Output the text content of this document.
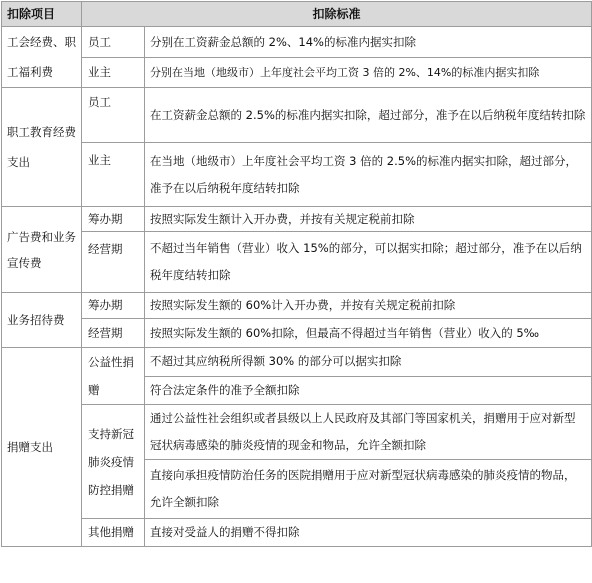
扣除项目	扣除标准	
工会经费、职工福利费	员工	分别在工资薪金总额的 2%、14%的标准内据实扣除
	业主	分别在当地（地级市）上年度社会平均工资 3 倍的 2%、14%的标准内据实扣除
职工教育经费支出	员工	在工资薪金总额的 2.5%的标准内据实扣除，超过部分，准予在以后纳税年度结转扣除
	业主	在当地（地级市）上年度社会平均工资 3 倍的 2.5%的标准内据实扣除，超过部分，准予在以后纳税年度结转扣除
广告费和业务宣传费	筹办期	按照实际发生额计入开办费，并按有关规定税前扣除
	经营期	不超过当年销售（营业）收入 15%的部分，可以据实扣除；超过部分，准予在以后纳税年度结转扣除
业务招待费	筹办期	按照实际发生额的 60%计入开办费，并按有关规定税前扣除
	经营期	按照实际发生额的 60%扣除，但最高不得超过当年销售（营业）收入的 5‰
捐赠支出	公益性捐赠	不超过其应纳税所得额 30% 的部分可以据实扣除
		符合法定条件的准予全额扣除
	支持新冠肺炎疫情防控捐赠	通过公益性社会组织或者县级以上人民政府及其部门等国家机关，捐赠用于应对新型冠状病毒感染的肺炎疫情的现金和物品，允许全额扣除
		直接向承担疫情防治任务的医院捐赠用于应对新型冠状病毒感染的肺炎疫情的物品，允许全额扣除
	其他捐赠	直接对受益人的捐赠不得扣除
